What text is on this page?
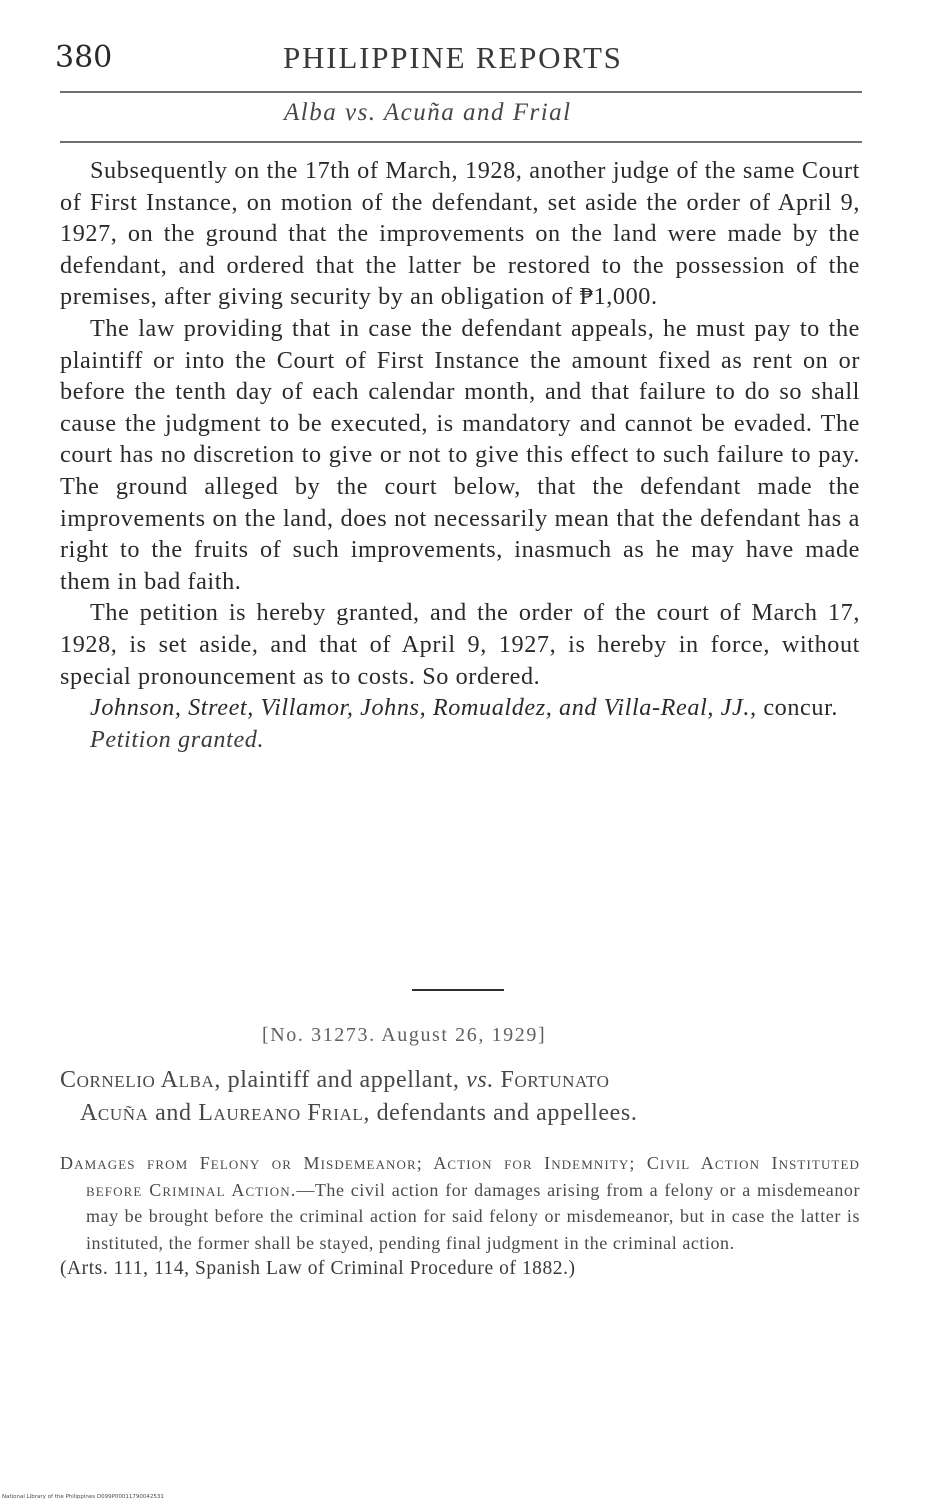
380	PHILIPPINE REPORTS
Alba vs. Acuña and Frial

Subsequently on the 17th of March, 1928, another judge of the same Court of First Instance, on motion of the defendant, set aside the order of April 9, 1927, on the ground that the improvements on the land were made by the defendant, and ordered that the latter be restored to the possession of the premises, after giving security by an obligation of ₱1,000.

The law providing that in case the defendant appeals, he must pay to the plaintiff or into the Court of First Instance the amount fixed as rent on or before the tenth day of each calendar month, and that failure to do so shall cause the judgment to be executed, is mandatory and cannot be evaded. The court has no discretion to give or not to give this effect to such failure to pay. The ground alleged by the court below, that the defendant made the improvements on the land, does not necessarily mean that the defendant has a right to the fruits of such improvements, inasmuch as he may have made them in bad faith.

The petition is hereby granted, and the order of the court of March 17, 1928, is set aside, and that of April 9, 1927, is hereby in force, without special pronouncement as to costs. So ordered.

Johnson, Street, Villamor, Johns, Romualdez, and Villa-Real, JJ., concur.

Petition granted.

[No. 31273. August 26, 1929]
Cornelio Alba, plaintiff and appellant, vs. Fortunato
Acuña and Laureano Frial, defendants and appellees.

Damages from Felony or Misdemeanor; Action for Indemnity; Civil Action Instituted before Criminal Action.—The civil action for damages arising from a felony or a misdemeanor may be brought before the criminal action for said felony or misdemeanor, but in case the latter is instituted, the former shall be stayed, pending final judgment in the criminal action.
(Arts. 111, 114, Spanish Law of Criminal Procedure of 1882.)

National Library of the Philippines D099P00011790042531
